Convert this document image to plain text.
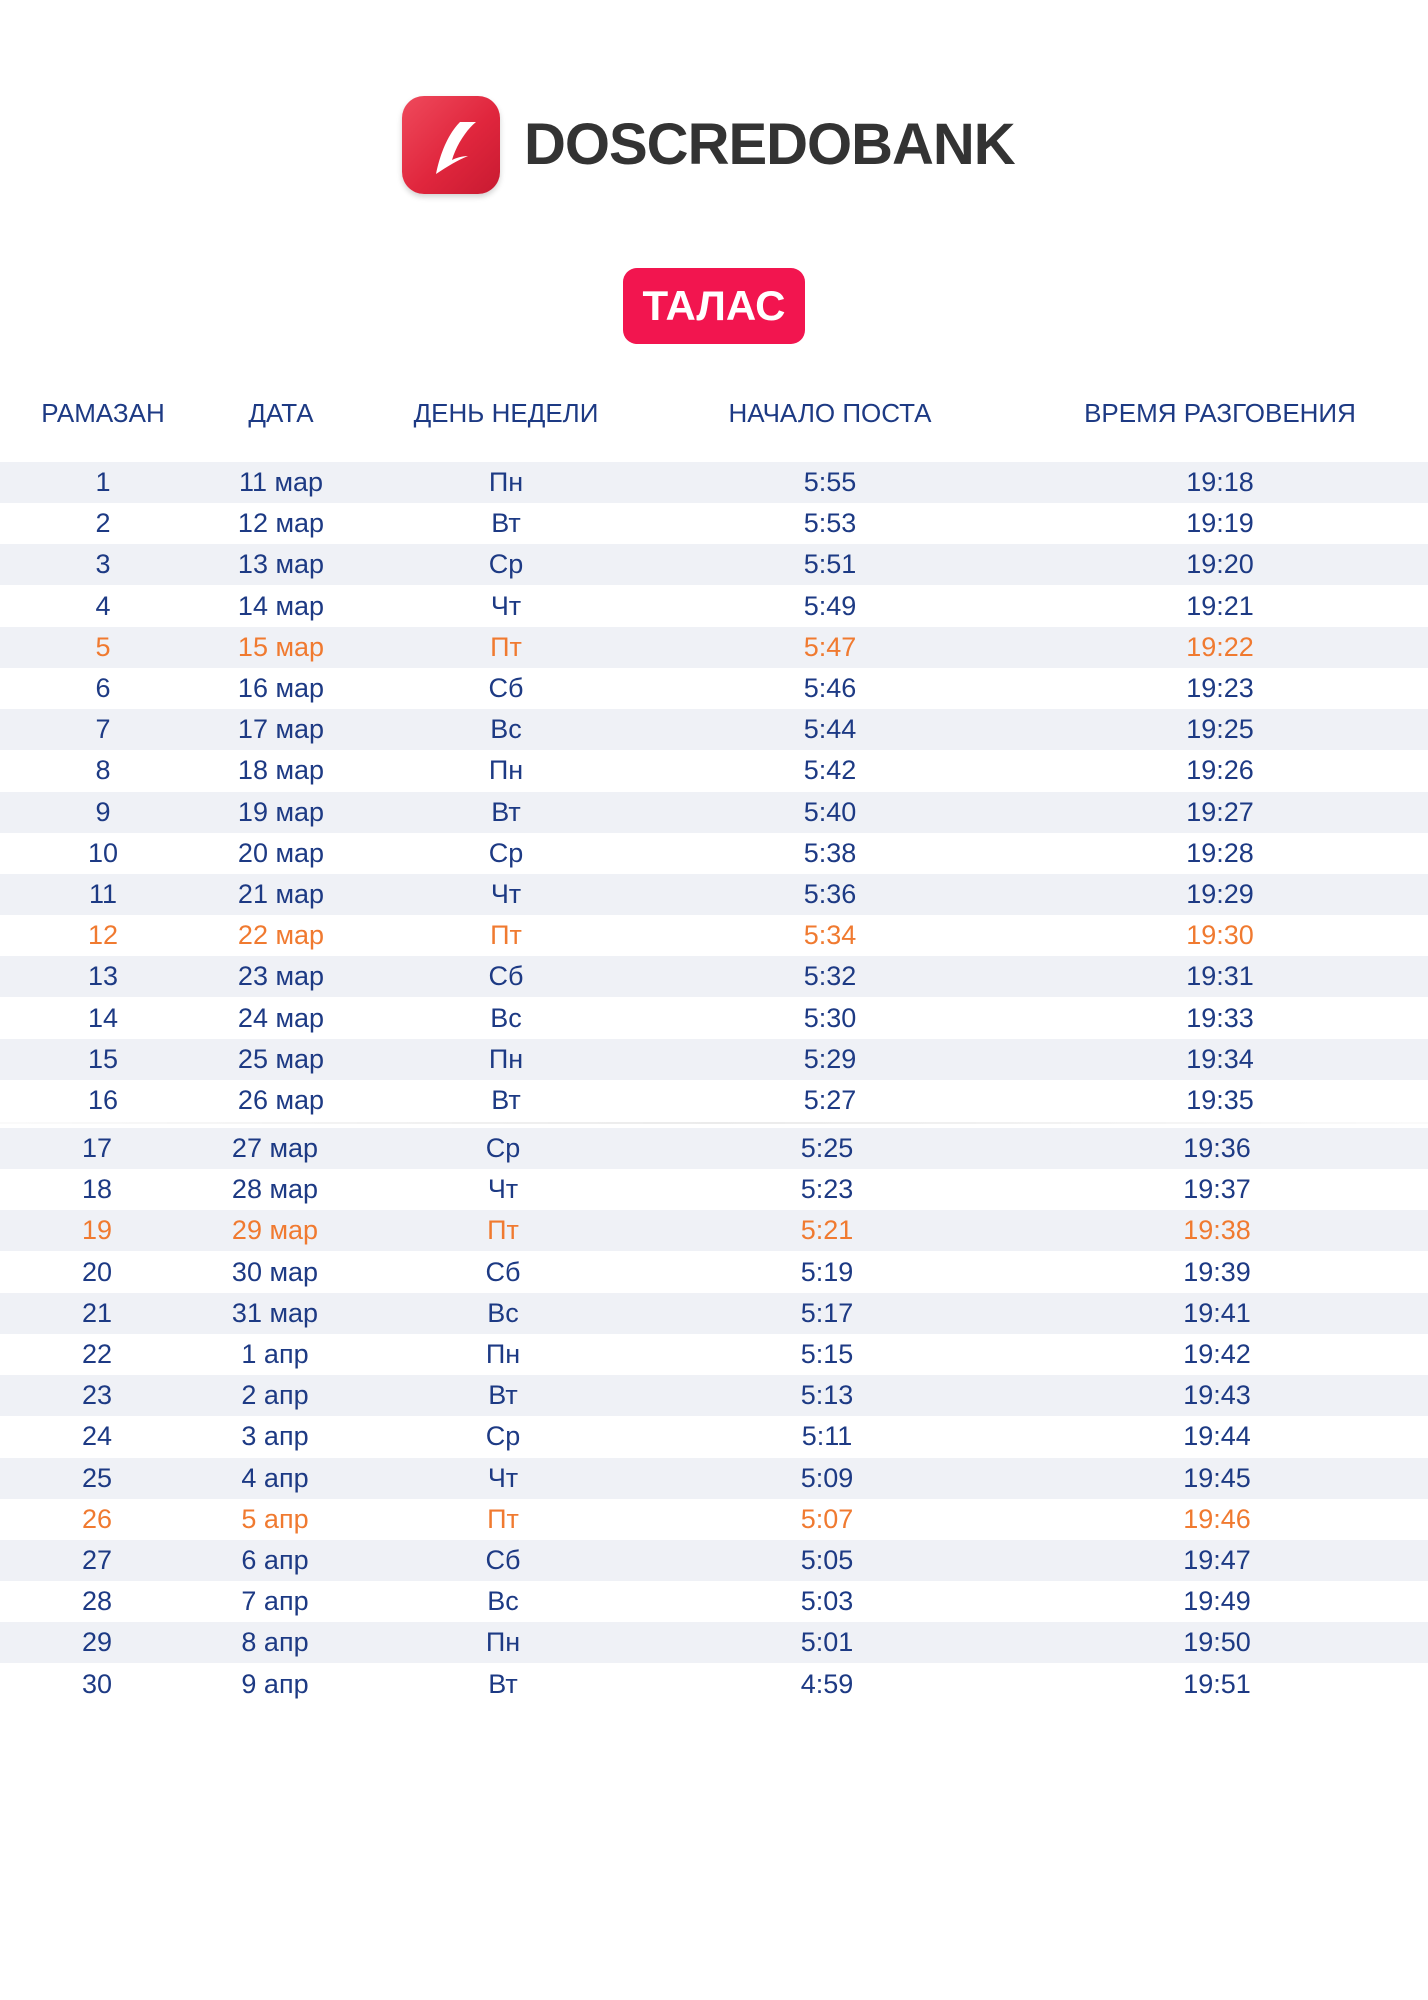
DOSCREDOBANK
ТАЛАС
РАМАЗАН	ДАТА	ДЕНЬ НЕДЕЛИ	НАЧАЛО ПОСТА	ВРЕМЯ РАЗГОВЕНИЯ
1	11 мар	Пн	5:55	19:18
2	12 мар	Вт	5:53	19:19
3	13 мар	Ср	5:51	19:20
4	14 мар	Чт	5:49	19:21
5	15 мар	Пт	5:47	19:22
6	16 мар	Сб	5:46	19:23
7	17 мар	Вс	5:44	19:25
8	18 мар	Пн	5:42	19:26
9	19 мар	Вт	5:40	19:27
10	20 мар	Ср	5:38	19:28
11	21 мар	Чт	5:36	19:29
12	22 мар	Пт	5:34	19:30
13	23 мар	Сб	5:32	19:31
14	24 мар	Вс	5:30	19:33
15	25 мар	Пн	5:29	19:34
16	26 мар	Вт	5:27	19:35
17	27 мар	Ср	5:25	19:36
18	28 мар	Чт	5:23	19:37
19	29 мар	Пт	5:21	19:38
20	30 мар	Сб	5:19	19:39
21	31 мар	Вс	5:17	19:41
22	1 апр	Пн	5:15	19:42
23	2 апр	Вт	5:13	19:43
24	3 апр	Ср	5:11	19:44
25	4 апр	Чт	5:09	19:45
26	5 апр	Пт	5:07	19:46
27	6 апр	Сб	5:05	19:47
28	7 апр	Вс	5:03	19:49
29	8 апр	Пн	5:01	19:50
30	9 апр	Вт	4:59	19:51
